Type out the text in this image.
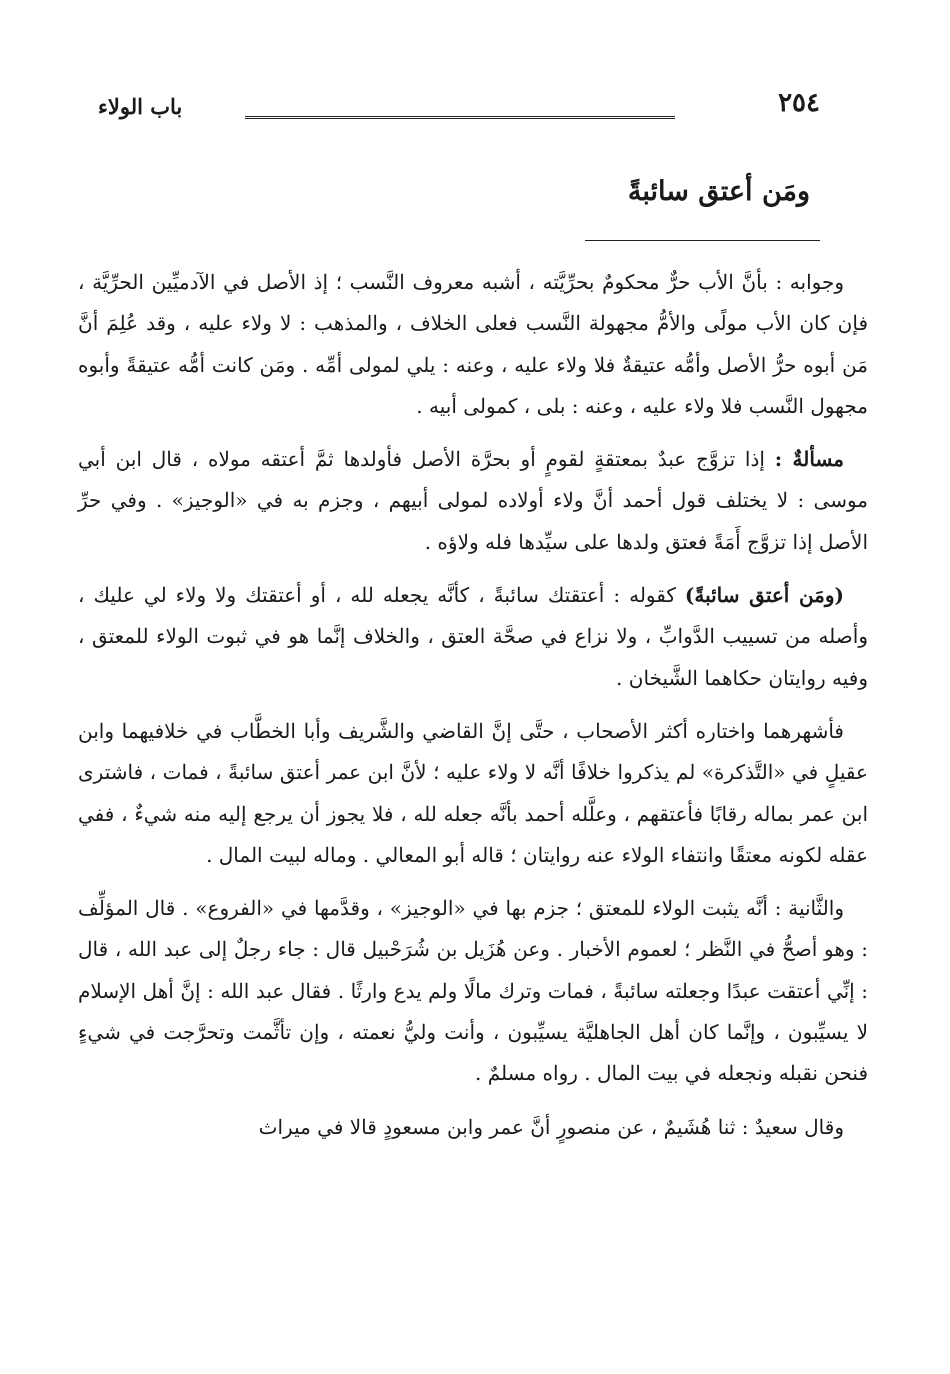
٢٥٤
باب الولاء
ومَن أعتق سائبةً

وجوابه : بأنَّ الأب حرٌّ محكومٌ بحرِّيَّته ، أشبه معروف النَّسب ؛ إذ الأصل في الآدميِّين الحرِّيَّة ، فإن كان الأب مولًى والأمُّ مجهولة النَّسب فعلى الخلاف ، والمذهب : لا ولاء عليه ، وقد عُلِمَ أنَّ مَن أبوه حرُّ الأصل وأمُّه عتيقةٌ فلا ولاء عليه ، وعنه : يلي لمولى أمِّه . ومَن كانت أمُّه عتيقةً وأبوه مجهول النَّسب فلا ولاء عليه ، وعنه : بلى ، كمولى أبيه .

مسألةٌ : إذا تزوَّج عبدٌ بمعتقةٍ لقومٍ أو بحرَّة الأصل فأولدها ثمَّ أعتقه مولاه ، قال ابن أبي موسى : لا يختلف قول أحمد أنَّ ولاء أولاده لمولى أبيهم ، وجزم به في «الوجيز» . وفي حرِّ الأصل إذا تزوَّج أَمَةً فعتق ولدها على سيِّدها فله ولاؤه .

(ومَن أعتق سائبةً) كقوله : أعتقتك سائبةً ، كأنَّه يجعله لله ، أو أعتقتك ولا ولاء لي عليك ، وأصله من تسييب الدَّوابِّ ، ولا نزاع في صحَّة العتق ، والخلاف إنَّما هو في ثبوت الولاء للمعتق ، وفيه روايتان حكاهما الشَّيخان .

فأشهرهما واختاره أكثر الأصحاب ، حتَّى إنَّ القاضي والشَّريف وأبا الخطَّاب في خلافيهما وابن عقيلٍ في «التَّذكرة» لم يذكروا خلافًا أنَّه لا ولاء عليه ؛ لأنَّ ابن عمر أعتق سائبةً ، فمات ، فاشترى ابن عمر بماله رقابًا فأعتقهم ، وعلَّله أحمد بأنَّه جعله لله ، فلا يجوز أن يرجع إليه منه شيءٌ ، ففي عقله لكونه معتقًا وانتفاء الولاء عنه روايتان ؛ قاله أبو المعالي . وماله لبيت المال .

والثَّانية : أنَّه يثبت الولاء للمعتق ؛ جزم بها في «الوجيز» ، وقدَّمها في «الفروع» . قال المؤلِّف : وهو أصحُّ في النَّظر ؛ لعموم الأخبار . وعن هُزَيل بن شُرَحْبيل قال : جاء رجلٌ إلى عبد الله ، قال : إنِّي أعتقت عبدًا وجعلته سائبةً ، فمات وترك مالًا ولم يدع وارثًا . فقال عبد الله : إنَّ أهل الإسلام لا يسيِّبون ، وإنَّما كان أهل الجاهليَّة يسيِّبون ، وأنت وليُّ نعمته ، وإن تأثَّمت وتحرَّجت في شيءٍ فنحن نقبله ونجعله في بيت المال . رواه مسلمٌ .

وقال سعيدٌ : ثنا هُشَيمٌ ، عن منصورٍ أنَّ عمر وابن مسعودٍ قالا في ميراث
